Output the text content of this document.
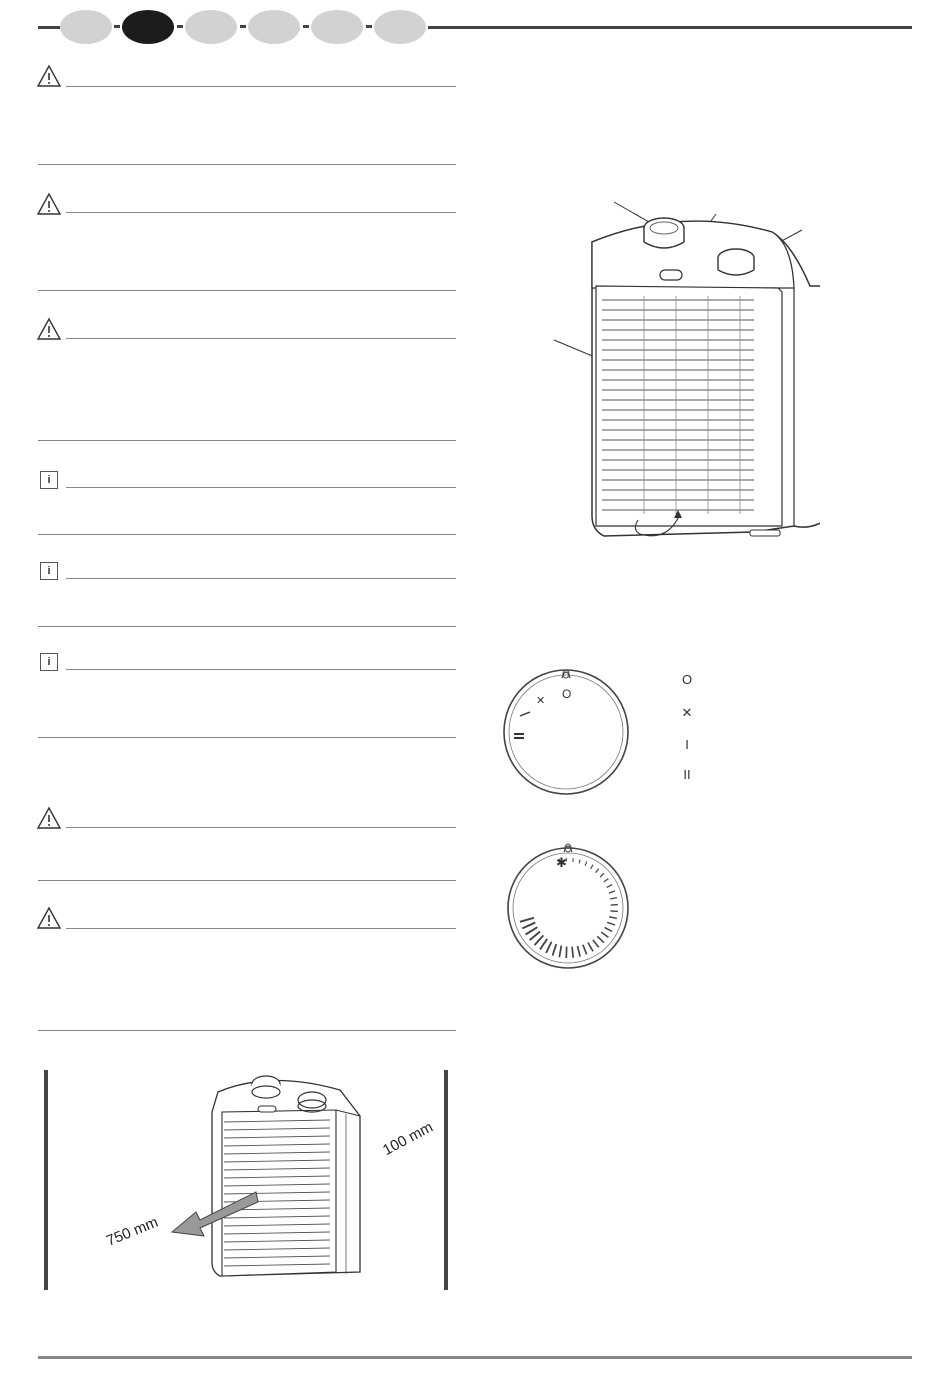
i
i
i
750 mm
100 mm
O
✕
O
✕
I
II
✱
